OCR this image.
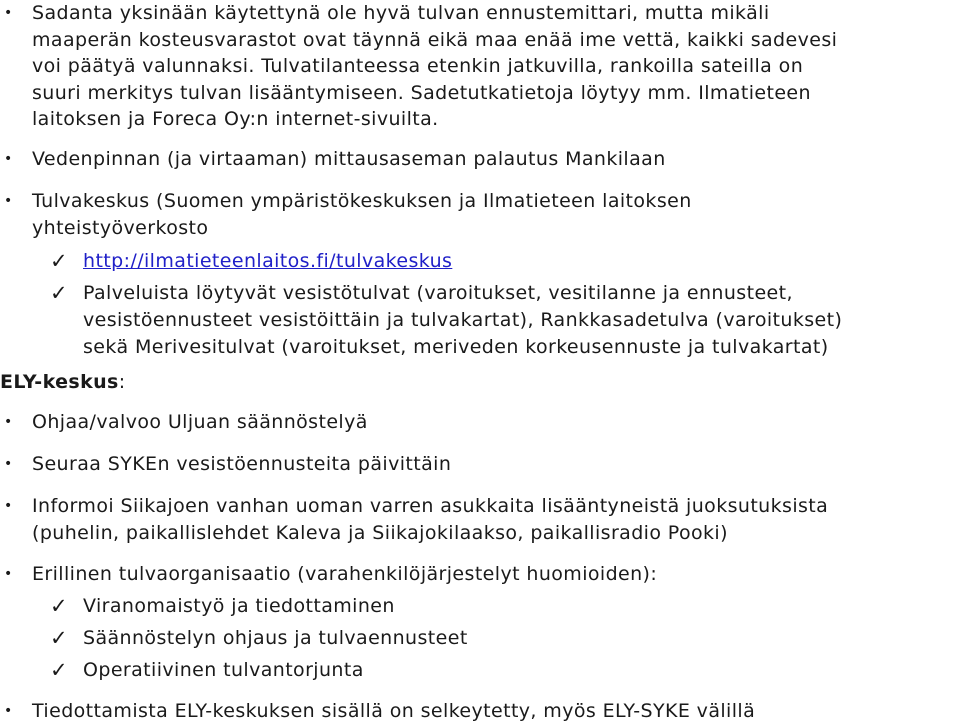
• Sadanta yksinään käytettynä ole hyvä tulvan ennustemittari, mutta mikäli
maaperän kosteusvarastot ovat täynnä eikä maa enää ime vettä, kaikki sadevesi
voi päätyä valunnaksi. Tulvatilanteessa etenkin jatkuvilla, rankoilla sateilla on
suuri merkitys tulvan lisääntymiseen. Sadetutkatietoja löytyy mm. Ilmatieteen
laitoksen ja Foreca Oy:n internet-sivuilta.
• Vedenpinnan (ja virtaaman) mittausaseman palautus Mankilaan
• Tulvakeskus (Suomen ympäristökeskuksen ja Ilmatieteen laitoksen
yhteistyöverkosto
✓ http://ilmatieteenlaitos.fi/tulvakeskus
✓ Palveluista löytyvät vesistötulvat (varoitukset, vesitilanne ja ennusteet,
vesistöennusteet vesistöittäin ja tulvakartat), Rankkasadetulva (varoitukset)
sekä Merivesitulvat (varoitukset, meriveden korkeusennuste ja tulvakartat)
ELY-keskus:
• Ohjaa/valvoo Uljuan säännöstelyä
• Seuraa SYKEn vesistöennusteita päivittäin
• Informoi Siikajoen vanhan uoman varren asukkaita lisääntyneistä juoksutuksista
(puhelin, paikallislehdet Kaleva ja Siikajokilaakso, paikallisradio Pooki)
• Erillinen tulvaorganisaatio (varahenkilöjärjestelyt huomioiden):
✓ Viranomaistyö ja tiedottaminen
✓ Säännöstelyn ohjaus ja tulvaennusteet
✓ Operatiivinen tulvantorjunta
• Tiedottamista ELY-keskuksen sisällä on selkeytetty, myös ELY-SYKE välillä
